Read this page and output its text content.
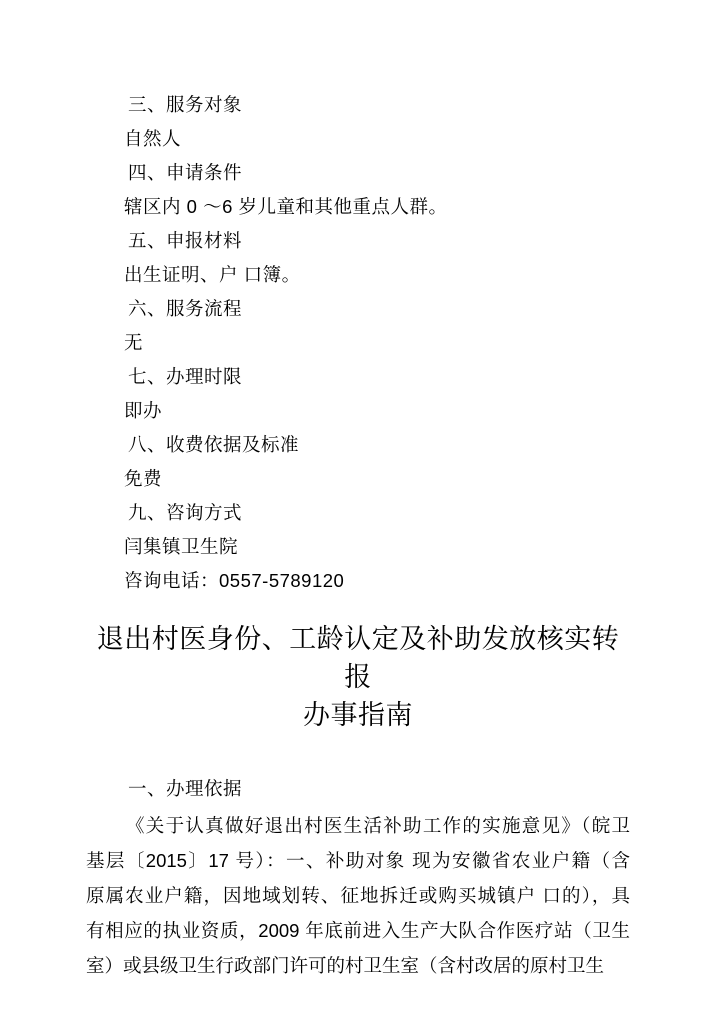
三、服务对象
自然人
四、申请条件
辖区内 0 ～6 岁儿童和其他重点人群。
五、申报材料
出生证明、户 口簿。
六、服务流程
无
七、办理时限
即办
八、收费依据及标准
免费
九、咨询方式
闫集镇卫生院
咨询电话：0557-5789120
退出村医身份、工龄认定及补助发放核实转报
办事指南
一、办理依据
《关于认真做好退出村医生活补助工作的实施意见》（皖卫
基层〔2015〕17 号）：一、补助对象 现为安徽省农业户籍（含
原属农业户籍，因地域划转、征地拆迁或购买城镇户 口的），具
有相应的执业资质，2009 年底前进入生产大队合作医疗站（卫生
室）或县级卫生行政部门许可的村卫生室（含村改居的原村卫生
